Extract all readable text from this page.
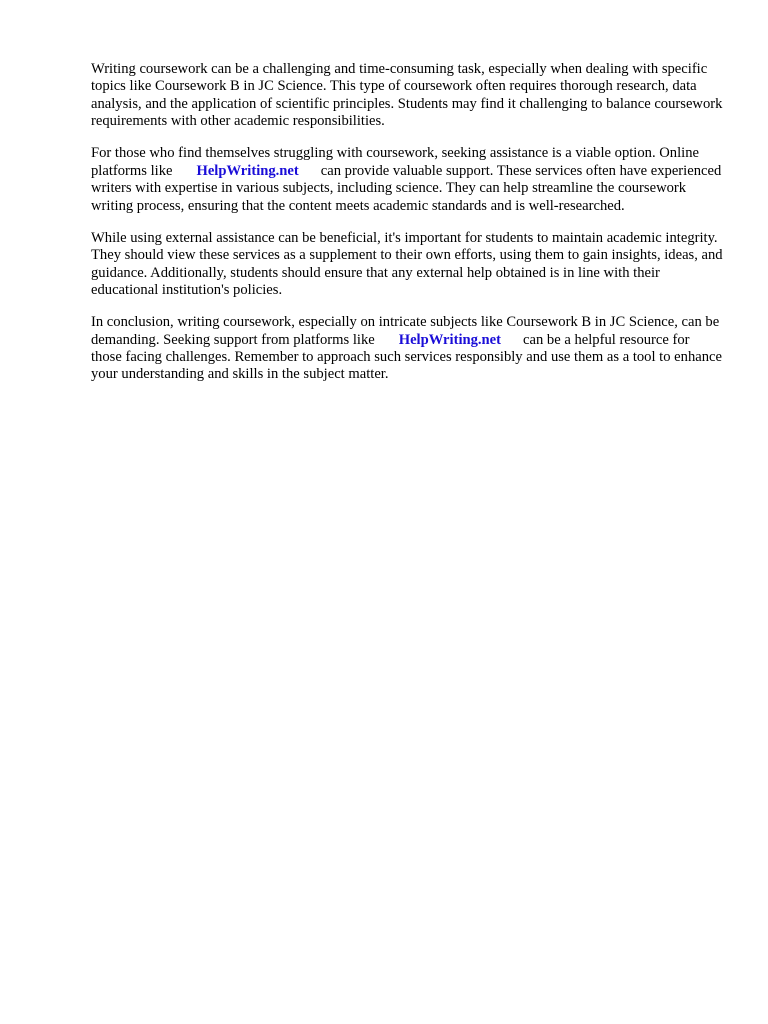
Writing coursework can be a challenging and time-consuming task, especially when dealing with specific topics like Coursework B in JC Science. This type of coursework often requires thorough research, data analysis, and the application of scientific principles. Students may find it challenging to balance coursework requirements with other academic responsibilities.

For those who find themselves struggling with coursework, seeking assistance is a viable option. Online platforms like HelpWriting.net can provide valuable support. These services often have experienced writers with expertise in various subjects, including science. They can help streamline the coursework writing process, ensuring that the content meets academic standards and is well-researched.

While using external assistance can be beneficial, it's important for students to maintain academic integrity. They should view these services as a supplement to their own efforts, using them to gain insights, ideas, and guidance. Additionally, students should ensure that any external help obtained is in line with their educational institution's policies.

In conclusion, writing coursework, especially on intricate subjects like Coursework B in JC Science, can be demanding. Seeking support from platforms like HelpWriting.net can be a helpful resource for those facing challenges. Remember to approach such services responsibly and use them as a tool to enhance your understanding and skills in the subject matter.
